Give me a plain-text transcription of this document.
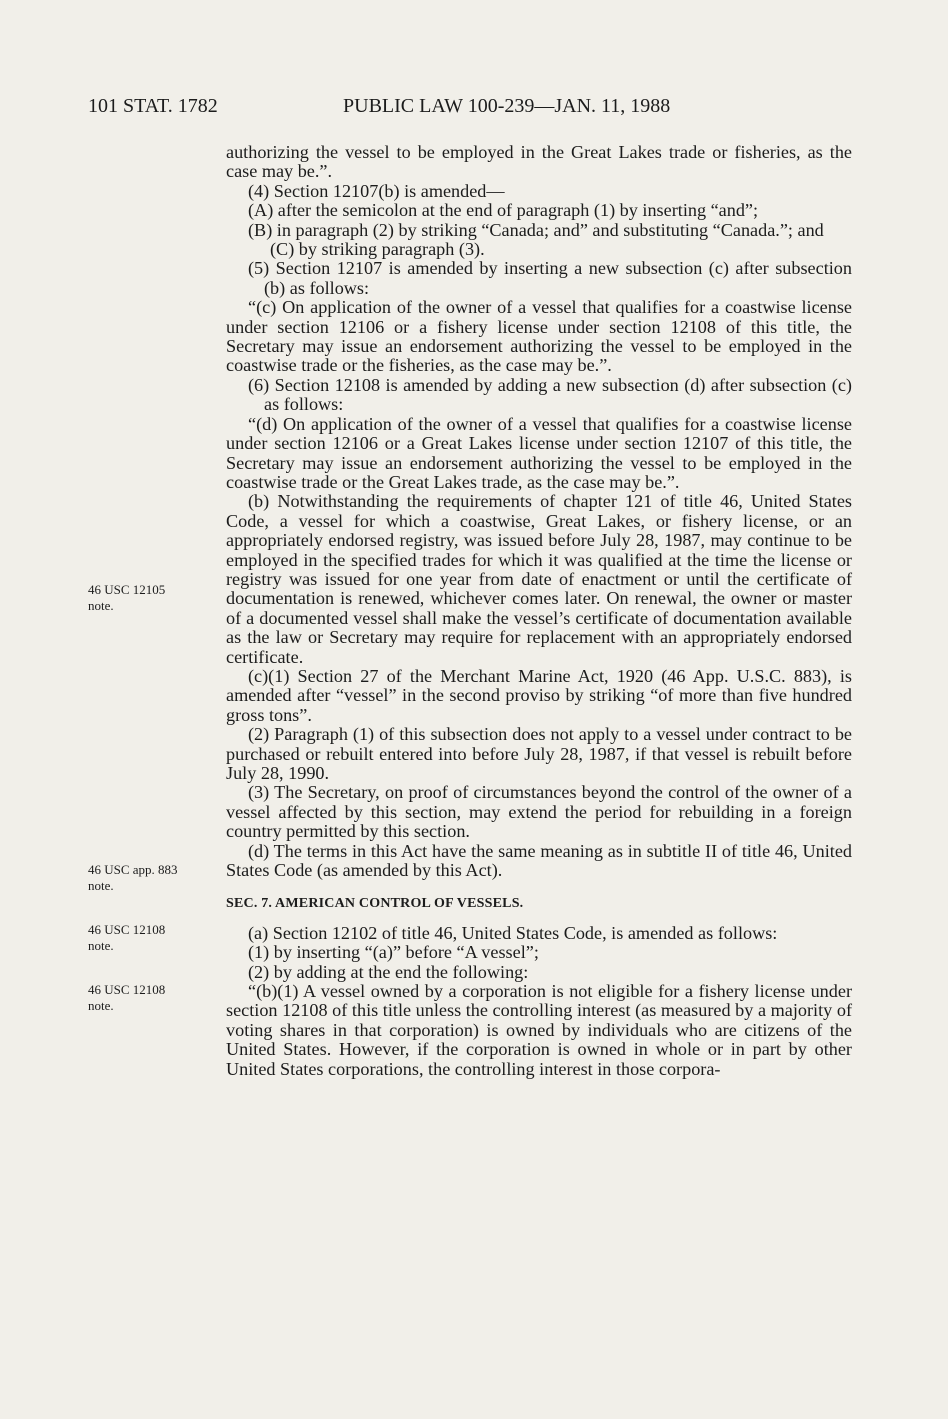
101 STAT. 1782	PUBLIC LAW 100-239—JAN. 11, 1988
46 USC 12105
note.
46 USC app. 883
note.
46 USC 12108
note.
46 USC 12108
note.

authorizing the vessel to be employed in the Great Lakes trade or fisheries, as the case may be.”.

(4) Section 12107(b) is amended—

(A) after the semicolon at the end of paragraph (1) by inserting “and”;

(B) in paragraph (2) by striking “Canada; and” and substituting “Canada.”; and

(C) by striking paragraph (3).

(5) Section 12107 is amended by inserting a new subsection (c) after subsection (b) as follows:

“(c) On application of the owner of a vessel that qualifies for a coastwise license under section 12106 or a fishery license under section 12108 of this title, the Secretary may issue an endorsement authorizing the vessel to be employed in the coastwise trade or the fisheries, as the case may be.”.

(6) Section 12108 is amended by adding a new subsection (d) after subsection (c) as follows:

“(d) On application of the owner of a vessel that qualifies for a coastwise license under section 12106 or a Great Lakes license under section 12107 of this title, the Secretary may issue an endorsement authorizing the vessel to be employed in the coastwise trade or the Great Lakes trade, as the case may be.”.

(b) Notwithstanding the requirements of chapter 121 of title 46, United States Code, a vessel for which a coastwise, Great Lakes, or fishery license, or an appropriately endorsed registry, was issued before July 28, 1987, may continue to be employed in the specified trades for which it was qualified at the time the license or registry was issued for one year from date of enactment or until the certificate of documentation is renewed, whichever comes later. On renewal, the owner or master of a documented vessel shall make the vessel’s certificate of documentation available as the law or Secretary may require for replacement with an appropriately endorsed certificate.

(c)(1) Section 27 of the Merchant Marine Act, 1920 (46 App. U.S.C. 883), is amended after “vessel” in the second proviso by striking “of more than five hundred gross tons”.

(2) Paragraph (1) of this subsection does not apply to a vessel under contract to be purchased or rebuilt entered into before July 28, 1987, if that vessel is rebuilt before July 28, 1990.

(3) The Secretary, on proof of circumstances beyond the control of the owner of a vessel affected by this section, may extend the period for rebuilding in a foreign country permitted by this section.

(d) The terms in this Act have the same meaning as in subtitle II of title 46, United States Code (as amended by this Act).

SEC. 7. AMERICAN CONTROL OF VESSELS.

(a) Section 12102 of title 46, United States Code, is amended as follows:

(1) by inserting “(a)” before “A vessel”;

(2) by adding at the end the following:

“(b)(1) A vessel owned by a corporation is not eligible for a fishery license under section 12108 of this title unless the controlling interest (as measured by a majority of voting shares in that corporation) is owned by individuals who are citizens of the United States. However, if the corporation is owned in whole or in part by other United States corporations, the controlling interest in those corpora-
